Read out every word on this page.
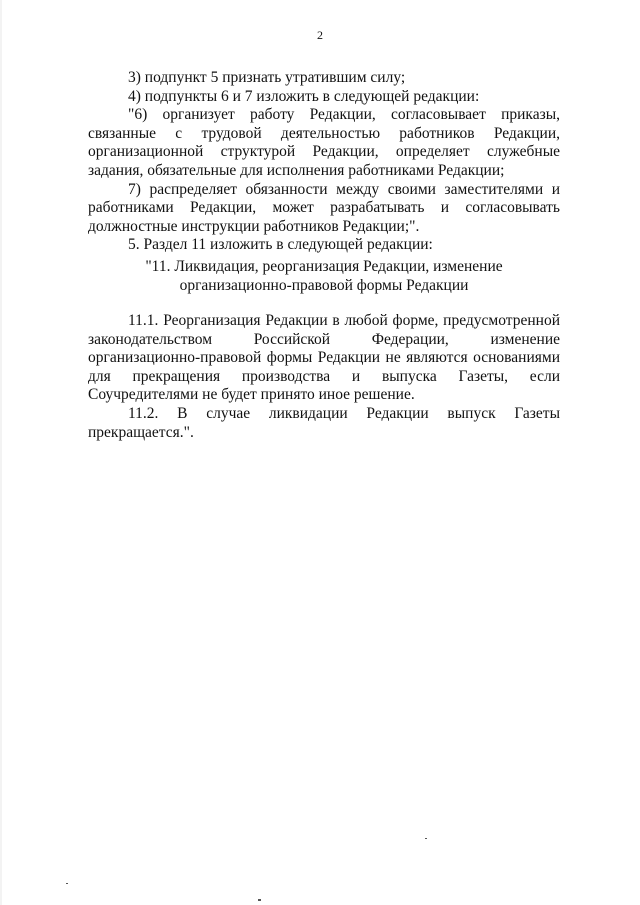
2

3) подпункт 5 признать утратившим силу;

4) подпункты 6 и 7 изложить в следующей редакции:

"6) организует работу Редакции, согласовывает приказы, связанные с трудовой деятельностью работников Редакции, организационной структурой Редакции, определяет служебные задания, обязательные для исполнения работниками Редакции;

7) распределяет обязанности между своими заместителями и работниками Редакции, может разрабатывать и согласовывать должностные инструкции работников Редакции;".

5. Раздел 11 изложить в следующей редакции:

"11. Ликвидация, реорганизация Редакции, изменение

организационно-правовой формы Редакции

11.1. Реорганизация Редакции в любой форме, предусмотренной законодательством Российской Федерации, изменение организационно-правовой формы Редакции не являются основаниями для прекращения производства и выпуска Газеты, если Соучредителями не будет принято иное решение.

11.2. В случае ликвидации Редакции выпуск Газеты прекращается.".
